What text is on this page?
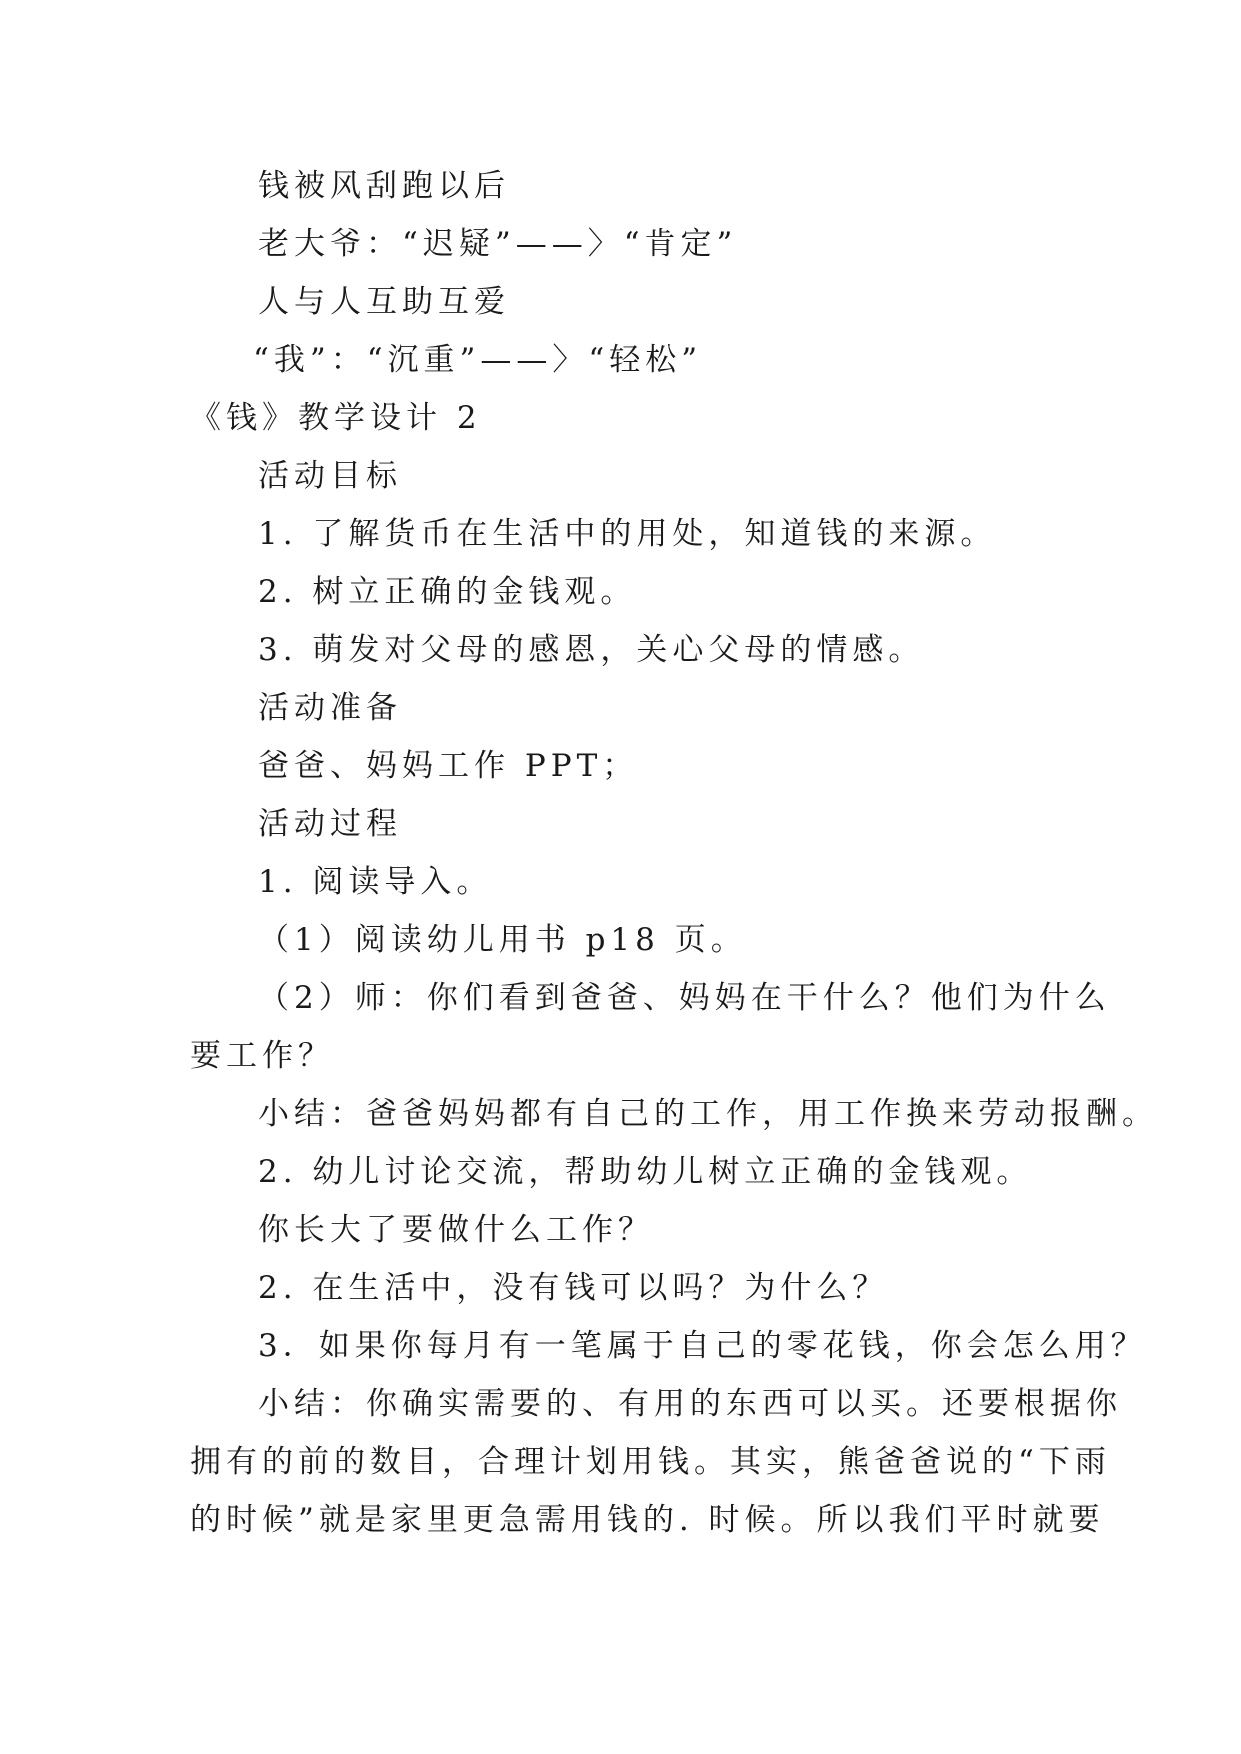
钱被风刮跑以后
老大爷：“迟疑”——〉“肯定”
人与人互助互爱
“我”：“沉重”——〉“轻松”
《钱》教学设计 2
活动目标
1. 了解货币在生活中的用处，知道钱的来源。
2. 树立正确的金钱观。
3. 萌发对父母的感恩，关心父母的情感。
活动准备
爸爸、妈妈工作 PPT；
活动过程
1. 阅读导入。
（1）阅读幼儿用书 p18 页。
（2）师：你们看到爸爸、妈妈在干什么？他们为什么
要工作？
小结：爸爸妈妈都有自己的工作，用工作换来劳动报酬。
2. 幼儿讨论交流，帮助幼儿树立正确的金钱观。
你长大了要做什么工作？
2. 在生活中，没有钱可以吗？为什么？
3．如果你每月有一笔属于自己的零花钱，你会怎么用？
小结：你确实需要的、有用的东西可以买。还要根据你
拥有的前的数目，合理计划用钱。其实，熊爸爸说的“下雨
的时候”就是家里更急需用钱的. 时候。所以我们平时就要
